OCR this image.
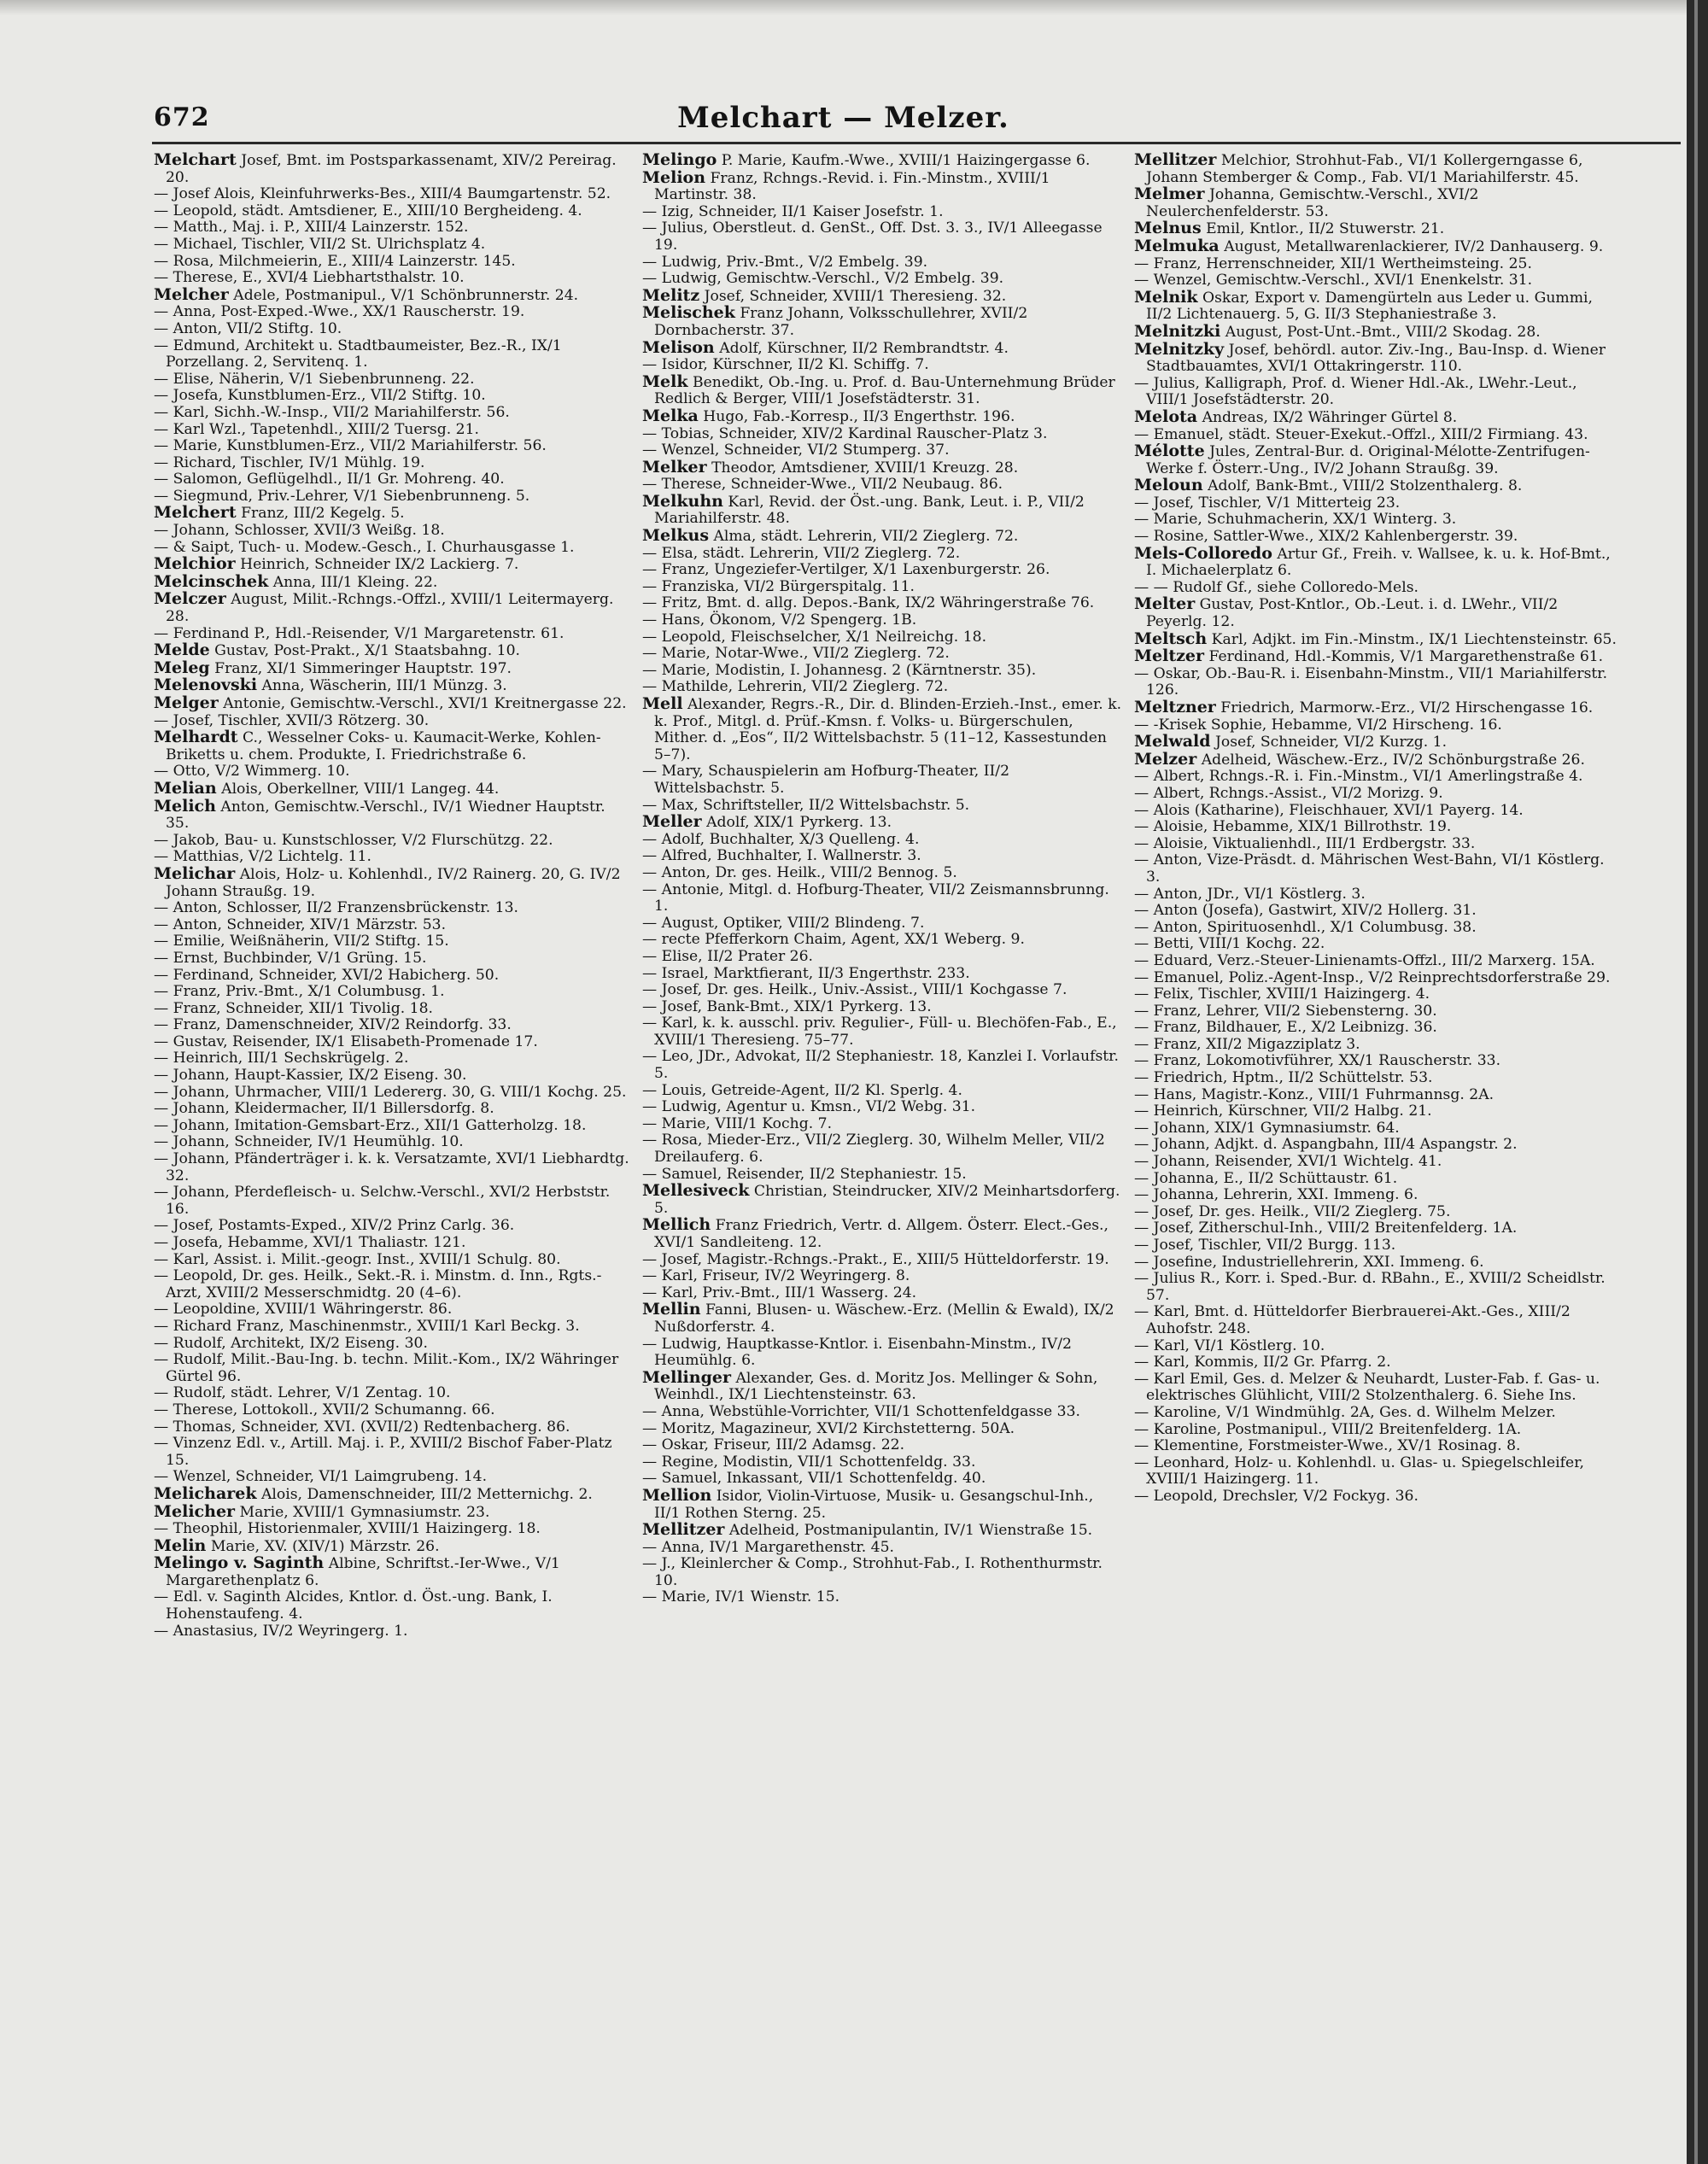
672	Melchart — Melzer.

Melchart Josef, Bmt. im Postsparkassenamt, XIV/2 Pereirag. 20.

— Josef Alois, Kleinfuhrwerks-Bes., XIII/4 Baumgartenstr. 52.

— Leopold, städt. Amtsdiener, E., XIII/10 Bergheideng. 4.

— Matth., Maj. i. P., XIII/4 Lainzerstr. 152.

— Michael, Tischler, VII/2 St. Ulrichsplatz 4.

— Rosa, Milchmeierin, E., XIII/4 Lainzerstr. 145.

— Therese, E., XVI/4 Liebhartsthalstr. 10.

Melcher Adele, Postmanipul., V/1 Schönbrunnerstr. 24.

— Anna, Post-Exped.-Wwe., XX/1 Rauscherstr. 19.

— Anton, VII/2 Stiftg. 10.

— Edmund, Architekt u. Stadtbaumeister, Bez.-R., IX/1 Porzellang. 2, Servitenq. 1.

— Elise, Näherin, V/1 Siebenbrunneng. 22.

— Josefa, Kunstblumen-Erz., VII/2 Stiftg. 10.

— Karl, Sichh.-W.-Insp., VII/2 Mariahilferstr. 56.

— Karl Wzl., Tapetenhdl., XIII/2 Tuersg. 21.

— Marie, Kunstblumen-Erz., VII/2 Mariahilferstr. 56.

— Richard, Tischler, IV/1 Mühlg. 19.

— Salomon, Geflügelhdl., II/1 Gr. Mohreng. 40.

— Siegmund, Priv.-Lehrer, V/1 Siebenbrunneng. 5.

Melchert Franz, III/2 Kegelg. 5.

— Johann, Schlosser, XVII/3 Weißg. 18.

— & Saipt, Tuch- u. Modew.-Gesch., I. Churhausgasse 1.

Melchior Heinrich, Schneider IX/2 Lackierg. 7.

Melcinschek Anna, III/1 Kleing. 22.

Melczer August, Milit.-Rchngs.-Offzl., XVIII/1 Leitermayerg. 28.

— Ferdinand P., Hdl.-Reisender, V/1 Margaretenstr. 61.

Melde Gustav, Post-Prakt., X/1 Staatsbahng. 10.

Meleg Franz, XI/1 Simmeringer Hauptstr. 197.

Melenovski Anna, Wäscherin, III/1 Münzg. 3.

Melger Antonie, Gemischtw.-Verschl., XVI/1 Kreitnergasse 22.

— Josef, Tischler, XVII/3 Rötzerg. 30.

Melhardt C., Wesselner Coks- u. Kaumacit-Werke, Kohlen-Briketts u. chem. Produkte, I. Friedrichstraße 6.

— Otto, V/2 Wimmerg. 10.

Melian Alois, Oberkellner, VIII/1 Langeg. 44.

Melich Anton, Gemischtw.-Verschl., IV/1 Wiedner Hauptstr. 35.

— Jakob, Bau- u. Kunstschlosser, V/2 Flurschützg. 22.

— Matthias, V/2 Lichtelg. 11.

Melichar Alois, Holz- u. Kohlenhdl., IV/2 Rainerg. 20, G. IV/2 Johann Straußg. 19.

— Anton, Schlosser, II/2 Franzensbrückenstr. 13.

— Anton, Schneider, XIV/1 Märzstr. 53.

— Emilie, Weißnäherin, VII/2 Stiftg. 15.

— Ernst, Buchbinder, V/1 Grüng. 15.

— Ferdinand, Schneider, XVI/2 Habicherg. 50.

— Franz, Priv.-Bmt., X/1 Columbusg. 1.

— Franz, Schneider, XII/1 Tivolig. 18.

— Franz, Damenschneider, XIV/2 Reindorfg. 33.

— Gustav, Reisender, IX/1 Elisabeth-Promenade 17.

— Heinrich, III/1 Sechskrügelg. 2.

— Johann, Haupt-Kassier, IX/2 Eiseng. 30.

— Johann, Uhrmacher, VIII/1 Ledererg. 30, G. VIII/1 Kochg. 25.

— Johann, Kleidermacher, II/1 Billersdorfg. 8.

— Johann, Imitation-Gemsbart-Erz., XII/1 Gatterholzg. 18.

— Johann, Schneider, IV/1 Heumühlg. 10.

— Johann, Pfänderträger i. k. k. Versatzamte, XVI/1 Liebhardtg. 32.

— Johann, Pferdefleisch- u. Selchw.-Verschl., XVI/2 Herbststr. 16.

— Josef, Postamts-Exped., XIV/2 Prinz Carlg. 36.

— Josefa, Hebamme, XVI/1 Thaliastr. 121.

— Karl, Assist. i. Milit.-geogr. Inst., XVIII/1 Schulg. 80.

— Leopold, Dr. ges. Heilk., Sekt.-R. i. Minstm. d. Inn., Rgts.-Arzt, XVIII/2 Messerschmidtg. 20 (4–6).

— Leopoldine, XVIII/1 Währingerstr. 86.

— Richard Franz, Maschinenmstr., XVIII/1 Karl Beckg. 3.

— Rudolf, Architekt, IX/2 Eiseng. 30.

— Rudolf, Milit.-Bau-Ing. b. techn. Milit.-Kom., IX/2 Währinger Gürtel 96.

— Rudolf, städt. Lehrer, V/1 Zentag. 10.

— Therese, Lottokoll., XVII/2 Schumanng. 66.

— Thomas, Schneider, XVI. (XVII/2) Redtenbacherg. 86.

— Vinzenz Edl. v., Artill. Maj. i. P., XVIII/2 Bischof Faber-Platz 15.

— Wenzel, Schneider, VI/1 Laimgrubeng. 14.

Melicharek Alois, Damenschneider, III/2 Metternichg. 2.

Melicher Marie, XVIII/1 Gymnasiumstr. 23.

— Theophil, Historienmaler, XVIII/1 Haizingerg. 18.

Melin Marie, XV. (XIV/1) Märzstr. 26.

Melingo v. Saginth Albine, Schriftst.-Ier-Wwe., V/1 Margarethenplatz 6.

— Edl. v. Saginth Alcides, Kntlor. d. Öst.-ung. Bank, I. Hohenstaufeng. 4.

— Anastasius, IV/2 Weyringerg. 1.

Melingo P. Marie, Kaufm.-Wwe., XVIII/1 Haizingergasse 6.

Melion Franz, Rchngs.-Revid. i. Fin.-Minstm., XVIII/1 Martinstr. 38.

— Izig, Schneider, II/1 Kaiser Josefstr. 1.

— Julius, Oberstleut. d. GenSt., Off. Dst. 3. 3., IV/1 Alleegasse 19.

— Ludwig, Priv.-Bmt., V/2 Embelg. 39.

— Ludwig, Gemischtw.-Verschl., V/2 Embelg. 39.

Melitz Josef, Schneider, XVIII/1 Theresieng. 32.

Melischek Franz Johann, Volksschullehrer, XVII/2 Dornbacherstr. 37.

Melison Adolf, Kürschner, II/2 Rembrandtstr. 4.

— Isidor, Kürschner, II/2 Kl. Schiffg. 7.

Melk Benedikt, Ob.-Ing. u. Prof. d. Bau-Unternehmung Brüder Redlich & Berger, VIII/1 Josefstädterstr. 31.

Melka Hugo, Fab.-Korresp., II/3 Engerthstr. 196.

— Tobias, Schneider, XIV/2 Kardinal Rauscher-Platz 3.

— Wenzel, Schneider, VI/2 Stumperg. 37.

Melker Theodor, Amtsdiener, XVIII/1 Kreuzg. 28.

— Therese, Schneider-Wwe., VII/2 Neubaug. 86.

Melkuhn Karl, Revid. der Öst.-ung. Bank, Leut. i. P., VII/2 Mariahilferstr. 48.

Melkus Alma, städt. Lehrerin, VII/2 Zieglerg. 72.

— Elsa, städt. Lehrerin, VII/2 Zieglerg. 72.

— Franz, Ungeziefer-Vertilger, X/1 Laxenburgerstr. 26.

— Franziska, VI/2 Bürgerspitalg. 11.

— Fritz, Bmt. d. allg. Depos.-Bank, IX/2 Währingerstraße 76.

— Hans, Ökonom, V/2 Spengerg. 1B.

— Leopold, Fleischselcher, X/1 Neilreichg. 18.

— Marie, Notar-Wwe., VII/2 Zieglerg. 72.

— Marie, Modistin, I. Johannesg. 2 (Kärntnerstr. 35).

— Mathilde, Lehrerin, VII/2 Zieglerg. 72.

Mell Alexander, Regrs.-R., Dir. d. Blinden-Erzieh.-Inst., emer. k. k. Prof., Mitgl. d. Prüf.-Kmsn. f. Volks- u. Bürgerschulen, Mither. d. „Eos“, II/2 Wittelsbachstr. 5 (11–12, Kassestunden 5–7).

— Mary, Schauspielerin am Hofburg-Theater, II/2 Wittelsbachstr. 5.

— Max, Schriftsteller, II/2 Wittelsbachstr. 5.

Meller Adolf, XIX/1 Pyrkerg. 13.

— Adolf, Buchhalter, X/3 Quelleng. 4.

— Alfred, Buchhalter, I. Wallnerstr. 3.

— Anton, Dr. ges. Heilk., VIII/2 Bennog. 5.

— Antonie, Mitgl. d. Hofburg-Theater, VII/2 Zeismannsbrunng. 1.

— August, Optiker, VIII/2 Blindeng. 7.

— recte Pfefferkorn Chaim, Agent, XX/1 Weberg. 9.

— Elise, II/2 Prater 26.

— Israel, Marktfierant, II/3 Engerthstr. 233.

— Josef, Dr. ges. Heilk., Univ.-Assist., VIII/1 Kochgasse 7.

— Josef, Bank-Bmt., XIX/1 Pyrkerg. 13.

— Karl, k. k. ausschl. priv. Regulier-, Füll- u. Blechöfen-Fab., E., XVIII/1 Theresieng. 75–77.

— Leo, JDr., Advokat, II/2 Stephaniestr. 18, Kanzlei I. Vorlaufstr. 5.

— Louis, Getreide-Agent, II/2 Kl. Sperlg. 4.

— Ludwig, Agentur u. Kmsn., VI/2 Webg. 31.

— Marie, VIII/1 Kochg. 7.

— Rosa, Mieder-Erz., VII/2 Zieglerg. 30, Wilhelm Meller, VII/2 Dreilauferg. 6.

— Samuel, Reisender, II/2 Stephaniestr. 15.

Mellesiveck Christian, Steindrucker, XIV/2 Meinhartsdorferg. 5.

Mellich Franz Friedrich, Vertr. d. Allgem. Österr. Elect.-Ges., XVI/1 Sandleiteng. 12.

— Josef, Magistr.-Rchngs.-Prakt., E., XIII/5 Hütteldorferstr. 19.

— Karl, Friseur, IV/2 Weyringerg. 8.

— Karl, Priv.-Bmt., III/1 Wasserg. 24.

Mellin Fanni, Blusen- u. Wäschew.-Erz. (Mellin & Ewald), IX/2 Nußdorferstr. 4.

— Ludwig, Hauptkasse-Kntlor. i. Eisenbahn-Minstm., IV/2 Heumühlg. 6.

Mellinger Alexander, Ges. d. Moritz Jos. Mellinger & Sohn, Weinhdl., IX/1 Liechtensteinstr. 63.

— Anna, Webstühle-Vorrichter, VII/1 Schottenfeldgasse 33.

— Moritz, Magazineur, XVI/2 Kirchstetterng. 50A.

— Oskar, Friseur, III/2 Adamsg. 22.

— Regine, Modistin, VII/1 Schottenfeldg. 33.

— Samuel, Inkassant, VII/1 Schottenfeldg. 40.

Mellion Isidor, Violin-Virtuose, Musik- u. Gesangschul-Inh., II/1 Rothen Sterng. 25.

Mellitzer Adelheid, Postmanipulantin, IV/1 Wienstraße 15.

— Anna, IV/1 Margarethenstr. 45.

— J., Kleinlercher & Comp., Strohhut-Fab., I. Rothenthurmstr. 10.

— Marie, IV/1 Wienstr. 15.

Mellitzer Melchior, Strohhut-Fab., VI/1 Kollergerngasse 6, Johann Stemberger & Comp., Fab. VI/1 Mariahilferstr. 45.

Melmer Johanna, Gemischtw.-Verschl., XVI/2 Neulerchenfelderstr. 53.

Melnus Emil, Kntlor., II/2 Stuwerstr. 21.

Melmuka August, Metallwarenlackierer, IV/2 Danhauserg. 9.

— Franz, Herrenschneider, XII/1 Wertheimsteing. 25.

— Wenzel, Gemischtw.-Verschl., XVI/1 Enenkelstr. 31.

Melnik Oskar, Export v. Damengürteln aus Leder u. Gummi, II/2 Lichtenauerg. 5, G. II/3 Stephaniestraße 3.

Melnitzki August, Post-Unt.-Bmt., VIII/2 Skodag. 28.

Melnitzky Josef, behördl. autor. Ziv.-Ing., Bau-Insp. d. Wiener Stadtbauamtes, XVI/1 Ottakringerstr. 110.

— Julius, Kalligraph, Prof. d. Wiener Hdl.-Ak., LWehr.-Leut., VIII/1 Josefstädterstr. 20.

Melota Andreas, IX/2 Währinger Gürtel 8.

— Emanuel, städt. Steuer-Exekut.-Offzl., XIII/2 Firmiang. 43.

Mélotte Jules, Zentral-Bur. d. Original-Mélotte-Zentrifugen-Werke f. Österr.-Ung., IV/2 Johann Straußg. 39.

Meloun Adolf, Bank-Bmt., VIII/2 Stolzenthalerg. 8.

— Josef, Tischler, V/1 Mitterteig 23.

— Marie, Schuhmacherin, XX/1 Winterg. 3.

— Rosine, Sattler-Wwe., XIX/2 Kahlenbergerstr. 39.

Mels-Colloredo Artur Gf., Freih. v. Wallsee, k. u. k. Hof-Bmt., I. Michaelerplatz 6.

— — Rudolf Gf., siehe Colloredo-Mels.

Melter Gustav, Post-Kntlor., Ob.-Leut. i. d. LWehr., VII/2 Peyerlg. 12.

Meltsch Karl, Adjkt. im Fin.-Minstm., IX/1 Liechtensteinstr. 65.

Meltzer Ferdinand, Hdl.-Kommis, V/1 Margarethenstraße 61.

— Oskar, Ob.-Bau-R. i. Eisenbahn-Minstm., VII/1 Mariahilferstr. 126.

Meltzner Friedrich, Marmorw.-Erz., VI/2 Hirschengasse 16.

— -Krisek Sophie, Hebamme, VI/2 Hirscheng. 16.

Melwald Josef, Schneider, VI/2 Kurzg. 1.

Melzer Adelheid, Wäschew.-Erz., IV/2 Schönburgstraße 26.

— Albert, Rchngs.-R. i. Fin.-Minstm., VI/1 Amerlingstraße 4.

— Albert, Rchngs.-Assist., VI/2 Morizg. 9.

— Alois (Katharine), Fleischhauer, XVI/1 Payerg. 14.

— Aloisie, Hebamme, XIX/1 Billrothstr. 19.

— Aloisie, Viktualienhdl., III/1 Erdbergstr. 33.

— Anton, Vize-Präsdt. d. Mährischen West-Bahn, VI/1 Köstlerg. 3.

— Anton, JDr., VI/1 Köstlerg. 3.

— Anton (Josefa), Gastwirt, XIV/2 Hollerg. 31.

— Anton, Spirituosenhdl., X/1 Columbusg. 38.

— Betti, VIII/1 Kochg. 22.

— Eduard, Verz.-Steuer-Linienamts-Offzl., III/2 Marxerg. 15A.

— Emanuel, Poliz.-Agent-Insp., V/2 Reinprechtsdorferstraße 29.

— Felix, Tischler, XVIII/1 Haizingerg. 4.

— Franz, Lehrer, VII/2 Siebensterng. 30.

— Franz, Bildhauer, E., X/2 Leibnizg. 36.

— Franz, XII/2 Migazziplatz 3.

— Franz, Lokomotivführer, XX/1 Rauscherstr. 33.

— Friedrich, Hptm., II/2 Schüttelstr. 53.

— Hans, Magistr.-Konz., VIII/1 Fuhrmannsg. 2A.

— Heinrich, Kürschner, VII/2 Halbg. 21.

— Johann, XIX/1 Gymnasiumstr. 64.

— Johann, Adjkt. d. Aspangbahn, III/4 Aspangstr. 2.

— Johann, Reisender, XVI/1 Wichtelg. 41.

— Johanna, E., II/2 Schüttaustr. 61.

— Johanna, Lehrerin, XXI. Immeng. 6.

— Josef, Dr. ges. Heilk., VII/2 Zieglerg. 75.

— Josef, Zitherschul-Inh., VIII/2 Breitenfelderg. 1A.

— Josef, Tischler, VII/2 Burgg. 113.

— Josefine, Industriellehrerin, XXI. Immeng. 6.

— Julius R., Korr. i. Sped.-Bur. d. RBahn., E., XVIII/2 Scheidlstr. 57.

— Karl, Bmt. d. Hütteldorfer Bierbrauerei-Akt.-Ges., XIII/2 Auhofstr. 248.

— Karl, VI/1 Köstlerg. 10.

— Karl, Kommis, II/2 Gr. Pfarrg. 2.

— Karl Emil, Ges. d. Melzer & Neuhardt, Luster-Fab. f. Gas- u. elektrisches Glühlicht, VIII/2 Stolzenthalerg. 6. Siehe Ins.

— Karoline, V/1 Windmühlg. 2A, Ges. d. Wilhelm Melzer.

— Karoline, Postmanipul., VIII/2 Breitenfelderg. 1A.

— Klementine, Forstmeister-Wwe., XV/1 Rosinag. 8.

— Leonhard, Holz- u. Kohlenhdl. u. Glas- u. Spiegelschleifer, XVIII/1 Haizingerg. 11.

— Leopold, Drechsler, V/2 Fockyg. 36.
